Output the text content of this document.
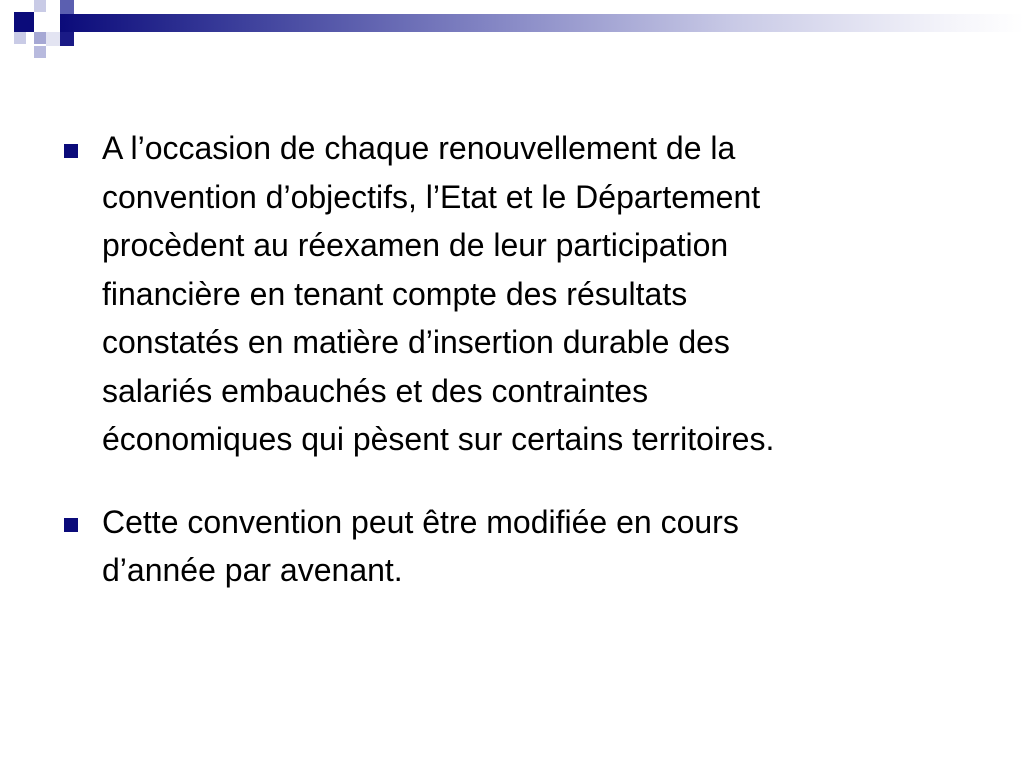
A l’occasion de chaque renouvellement de la
convention d’objectifs, l’Etat et le Département
procèdent au réexamen de leur participation
financière en tenant compte des résultats
constatés en matière d’insertion durable des
salariés embauchés et des contraintes
économiques qui pèsent sur certains territoires.
Cette convention peut être modifiée en cours
d’année par avenant.
